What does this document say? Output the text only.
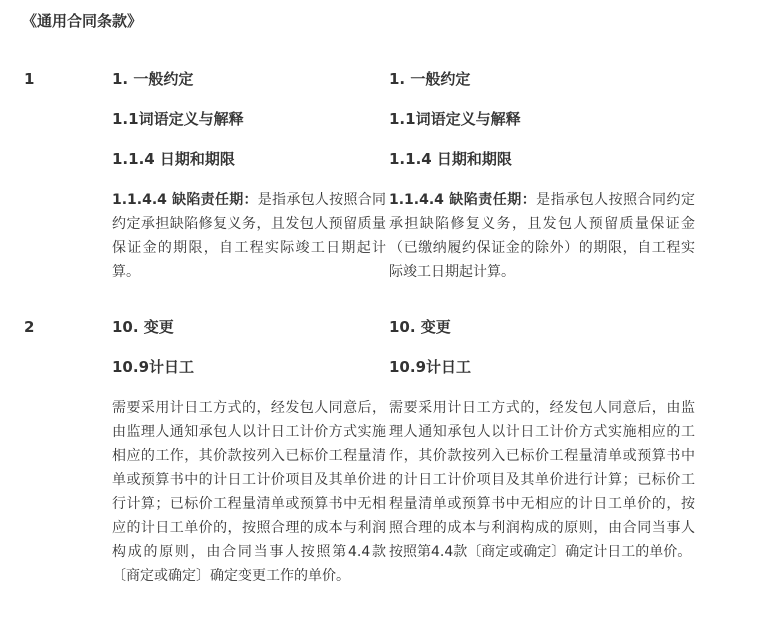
《通用合同条款》
1	1. 一般约定
1.1词语定义与解释
1.1.4 日期和期限

1.1.4.4 缺陷责任期：是指承包人按照合同约定承担缺陷修复义务，且发包人预留质量保证金的期限，自工程实际竣工日期起计算。

1. 一般约定
1.1词语定义与解释
1.1.4 日期和期限

1.1.4.4 缺陷责任期：是指承包人按照合同约定承担缺陷修复义务，且发包人预留质量保证金（已缴纳履约保证金的除外）的期限，自工程实际竣工日期起计算。

2	10. 变更
10.9计日工

需要采用计日工方式的，经发包人同意后，由监理人通知承包人以计日工计价方式实施相应的工作，其价款按列入已标价工程量清单或预算书中的计日工计价项目及其单价进行计算；已标价工程量清单或预算书中无相应的计日工单价的，按照合理的成本与利润构成的原则，由合同当事人按照第4.4款〔商定或确定〕确定变更工作的单价。

10. 变更
10.9计日工

需要采用计日工方式的，经发包人同意后，由监理人通知承包人以计日工计价方式实施相应的工作，其价款按列入已标价工程量清单或预算书中的计日工计价项目及其单价进行计算；已标价工程量清单或预算书中无相应的计日工单价的，按照合理的成本与利润构成的原则，由合同当事人按照第4.4款〔商定或确定〕确定计日工的单价。
